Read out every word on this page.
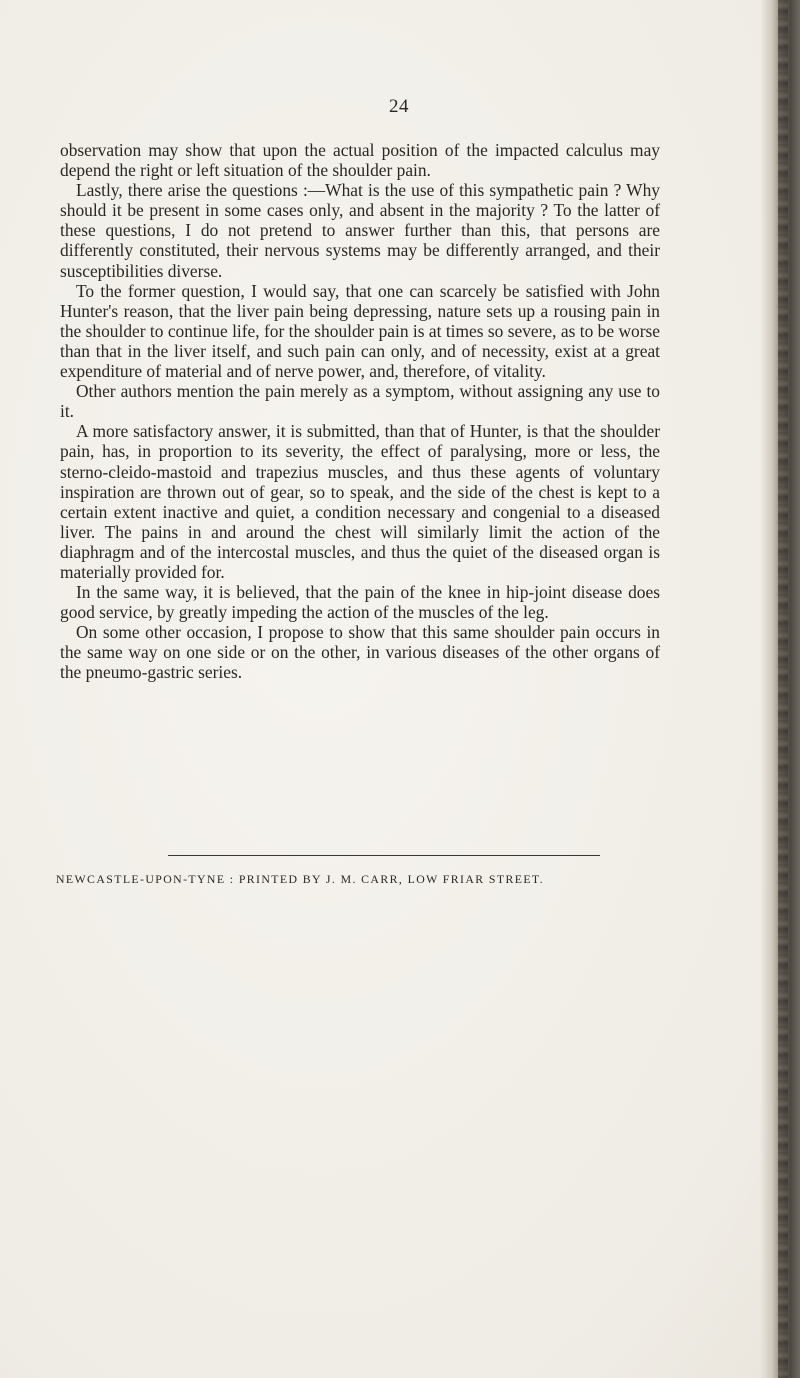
24

observation may show that upon the actual position of the impacted calculus may depend the right or left situation of the shoulder pain.

Lastly, there arise the questions :—What is the use of this sympathetic pain ? Why should it be present in some cases only, and absent in the majority ? To the latter of these questions, I do not pretend to answer further than this, that persons are differently constituted, their nervous systems may be differently arranged, and their susceptibilities diverse.

To the former question, I would say, that one can scarcely be satisfied with John Hunter's reason, that the liver pain being depressing, nature sets up a rousing pain in the shoulder to continue life, for the shoulder pain is at times so severe, as to be worse than that in the liver itself, and such pain can only, and of necessity, exist at a great expenditure of material and of nerve power, and, therefore, of vitality.

Other authors mention the pain merely as a symptom, without assigning any use to it.

A more satisfactory answer, it is submitted, than that of Hunter, is that the shoulder pain, has, in proportion to its severity, the effect of paralysing, more or less, the sterno-cleido-mastoid and trapezius muscles, and thus these agents of voluntary inspiration are thrown out of gear, so to speak, and the side of the chest is kept to a certain extent inactive and quiet, a condition necessary and congenial to a diseased liver. The pains in and around the chest will similarly limit the action of the diaphragm and of the intercostal muscles, and thus the quiet of the diseased organ is materially provided for.

In the same way, it is believed, that the pain of the knee in hip-joint disease does good service, by greatly impeding the action of the muscles of the leg.

On some other occasion, I propose to show that this same shoulder pain occurs in the same way on one side or on the other, in various diseases of the other organs of the pneumo-gastric series.

NEWCASTLE-UPON-TYNE : PRINTED BY J. M. CARR, LOW FRIAR STREET.
